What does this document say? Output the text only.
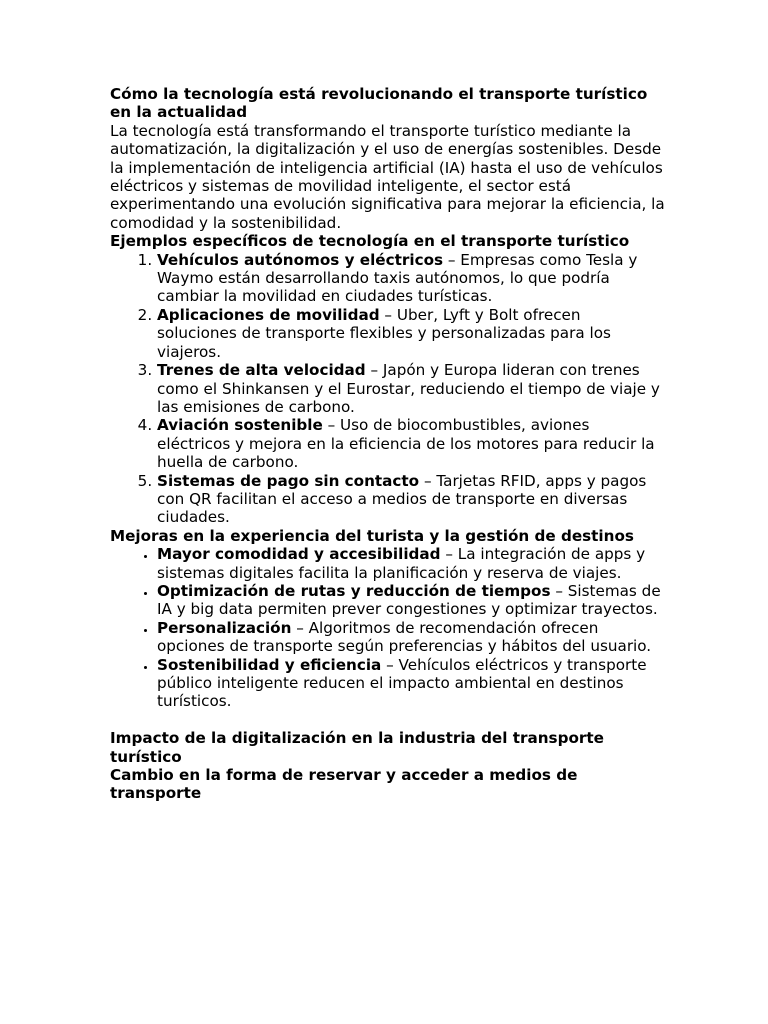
Cómo la tecnología está revolucionando el transporte turístico en la actualidad

La tecnología está transformando el transporte turístico mediante la automatización, la digitalización y el uso de energías sostenibles. Desde la implementación de inteligencia artificial (IA) hasta el uso de vehículos eléctricos y sistemas de movilidad inteligente, el sector está experimentando una evolución significativa para mejorar la eficiencia, la comodidad y la sostenibilidad.

Ejemplos específicos de tecnología en el transporte turístico
1. Vehículos autónomos y eléctricos – Empresas como Tesla y Waymo están desarrollando taxis autónomos, lo que podría cambiar la movilidad en ciudades turísticas.
2. Aplicaciones de movilidad – Uber, Lyft y Bolt ofrecen soluciones de transporte flexibles y personalizadas para los viajeros.
3. Trenes de alta velocidad – Japón y Europa lideran con trenes como el Shinkansen y el Eurostar, reduciendo el tiempo de viaje y las emisiones de carbono.
4. Aviación sostenible – Uso de biocombustibles, aviones eléctricos y mejora en la eficiencia de los motores para reducir la huella de carbono.
5. Sistemas de pago sin contacto – Tarjetas RFID, apps y pagos con QR facilitan el acceso a medios de transporte en diversas ciudades.
Mejoras en la experiencia del turista y la gestión de destinos
• Mayor comodidad y accesibilidad – La integración de apps y sistemas digitales facilita la planificación y reserva de viajes.
• Optimización de rutas y reducción de tiempos – Sistemas de IA y big data permiten prever congestiones y optimizar trayectos.
• Personalización – Algoritmos de recomendación ofrecen opciones de transporte según preferencias y hábitos del usuario.
• Sostenibilidad y eficiencia – Vehículos eléctricos y transporte público inteligente reducen el impacto ambiental en destinos turísticos.
Impacto de la digitalización en la industria del transporte turístico
Cambio en la forma de reservar y acceder a medios de transporte
